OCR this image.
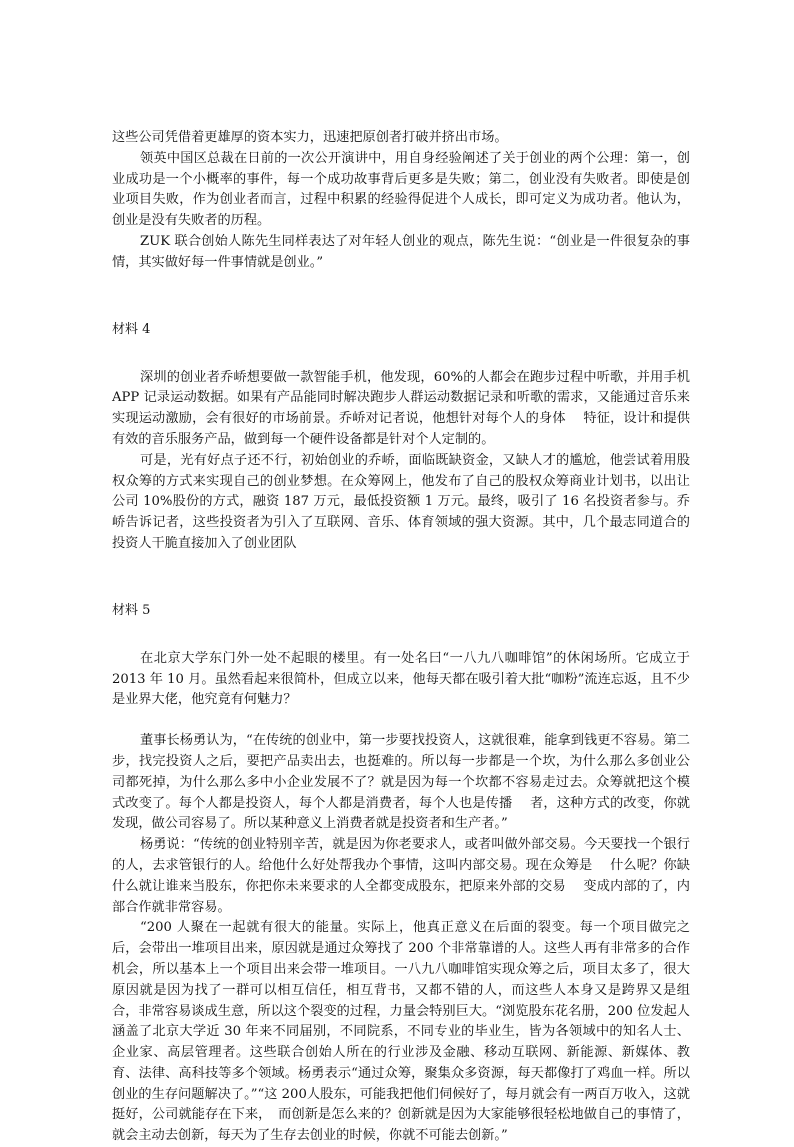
这些公司凭借着更雄厚的资本实力，迅速把原创者打破并挤出市场。

领英中国区总裁在日前的一次公开演讲中，用自身经验阐述了关于创业的两个公理：第一，创业成功是一个小概率的事件，每一个成功故事背后更多是失败；第二，创业没有失败者。即使是创业项目失败，作为创业者而言，过程中积累的经验得促进个人成长，即可定义为成功者。他认为，创业是没有失败者的历程。

ZUK 联合创始人陈先生同样表达了对年轻人创业的观点，陈先生说：“创业是一件很复杂的事情，其实做好每一件事情就是创业。”

材料 4

深圳的创业者乔峤想要做一款智能手机，他发现，60%的人都会在跑步过程中听歌，并用手机 APP 记录运动数据。如果有产品能同时解决跑步人群运动数据记录和听歌的需求，又能通过音乐来实现运动激励，会有很好的市场前景。乔峤对记者说，他想针对每个人的身体　 特征，设计和提供有效的音乐服务产品，做到每一个硬件设备都是针对个人定制的。

可是，光有好点子还不行，初始创业的乔峤，面临既缺资金，又缺人才的尴尬，他尝试着用股权众筹的方式来实现自己的创业梦想。在众筹网上，他发布了自己的股权众筹商业计划书，以出让公司 10%股份的方式，融资 187 万元，最低投资额 1 万元。最终，吸引了 16 名投资者参与。乔峤告诉记者，这些投资者为引入了互联网、音乐、体育领域的强大资源。其中，几个最志同道合的投资人干脆直接加入了创业团队

材料 5

在北京大学东门外一处不起眼的楼里。有一处名曰“一八九八咖啡馆”的休闲场所。它成立于 2013 年 10 月。虽然看起来很简朴，但成立以来，他每天都在吸引着大批“咖粉”流连忘返，且不少是业界大佬，他究竟有何魅力？

董事长杨勇认为，“在传统的创业中，第一步要找投资人，这就很难，能拿到钱更不容易。第二步，找完投资人之后，要把产品卖出去，也挺难的。所以每一步都是一个坎，为什么那么多创业公司都死掉，为什么那么多中小企业发展不了？就是因为每一个坎都不容易走过去。众筹就把这个模式改变了。每个人都是投资人，每个人都是消费者，每个人也是传播　 者，这种方式的改变，你就发现，做公司容易了。所以某种意义上消费者就是投资者和生产者。”

杨勇说：“传统的创业特别辛苦，就是因为你老要求人，或者叫做外部交易。今天要找一个银行的人，去求管银行的人。给他什么好处帮我办个事情，这叫内部交易。现在众筹是　 什么呢？你缺什么就让谁来当股东，你把你未来要求的人全都变成股东，把原来外部的交易　 变成内部的了，内部合作就非常容易。

“200 人聚在一起就有很大的能量。实际上，他真正意义在后面的裂变。每一个项目做完之后，会带出一堆项目出来，原因就是通过众筹找了 200 个非常靠谱的人。这些人再有非常多的合作机会，所以基本上一个项目出来会带一堆项目。一八九八咖啡馆实现众筹之后，项目太多了，很大原因就是因为找了一群可以相互信任，相互背书，又都不错的人，而这些人本身又是跨界又是组合，非常容易谈成生意，所以这个裂变的过程，力量会特别巨大。“浏览股东花名册，200 位发起人涵盖了北京大学近 30 年来不同届别，不同院系，不同专业的毕业生，皆为各领域中的知名人士、企业家、高层管理者。这些联合创始人所在的行业涉及金融、移动互联网、新能源、新媒体、教育、法律、高科技等多个领域。杨勇表示“通过众筹，聚集众多资源，每天都像打了鸡血一样。所以创业的生存问题解决了。”“这 200人股东，可能我把他们伺候好了，每月就会有一两百万收入，这就挺好，公司就能存在下来，　而创新是怎么来的？创新就是因为大家能够很轻松地做自己的事情了，就会主动去创新，每天为了生存去创业的时候，你就不可能去创新。”
